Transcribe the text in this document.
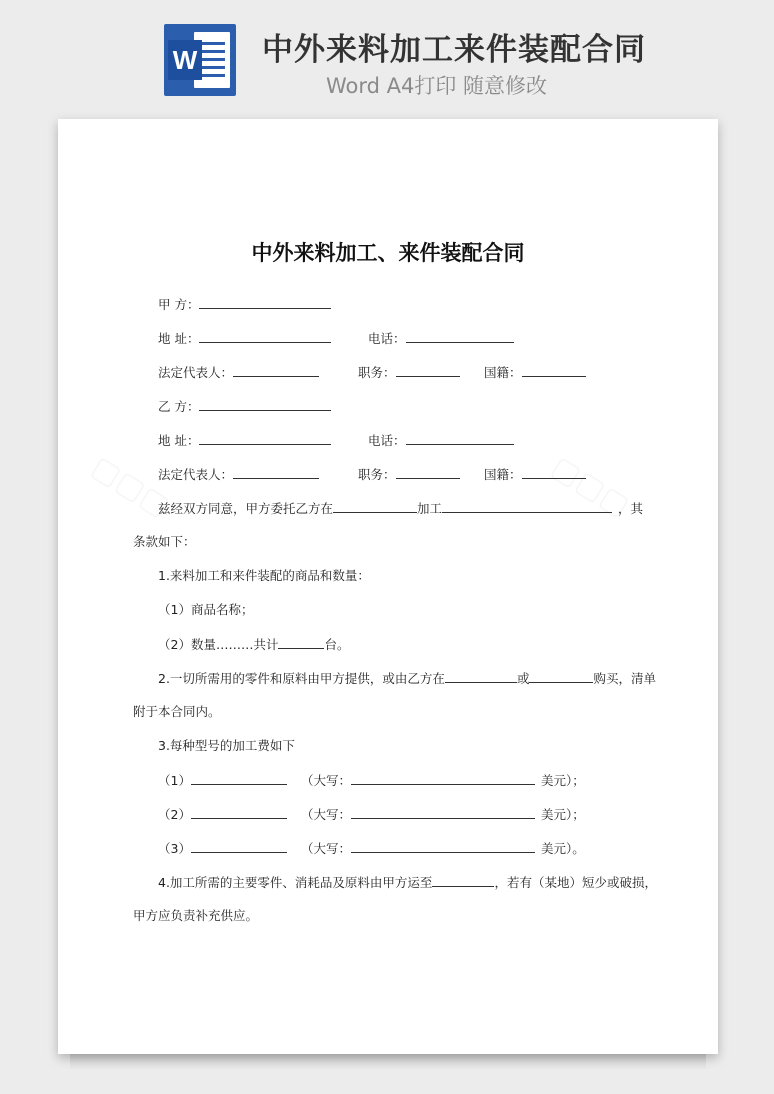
W 中外来料加工来件装配合同
Word A4打印 随意修改
中外来料加工、来件装配合同
甲 方：
地 址：	电话：
法定代表人：	职务：	国籍：
乙 方：
地 址：	电话：
法定代表人：	职务：	国籍：
兹经双方同意，甲方委托乙方在	加工	，其
条款如下：
1.来料加工和来件装配的商品和数量：
（1）商品名称；
（2）数量………共计	台。
2.一切所需用的零件和原料由甲方提供，或由乙方在	或	购买，清单
附于本合同内。
3.每种型号的加工费如下
（1）	（大写：	美元）；
（2）	（大写：	美元）；
（3）	（大写：	美元）。
4.加工所需的主要零件、消耗品及原料由甲方运至	，若有（某地）短少或破损，
甲方应负责补充供应。
